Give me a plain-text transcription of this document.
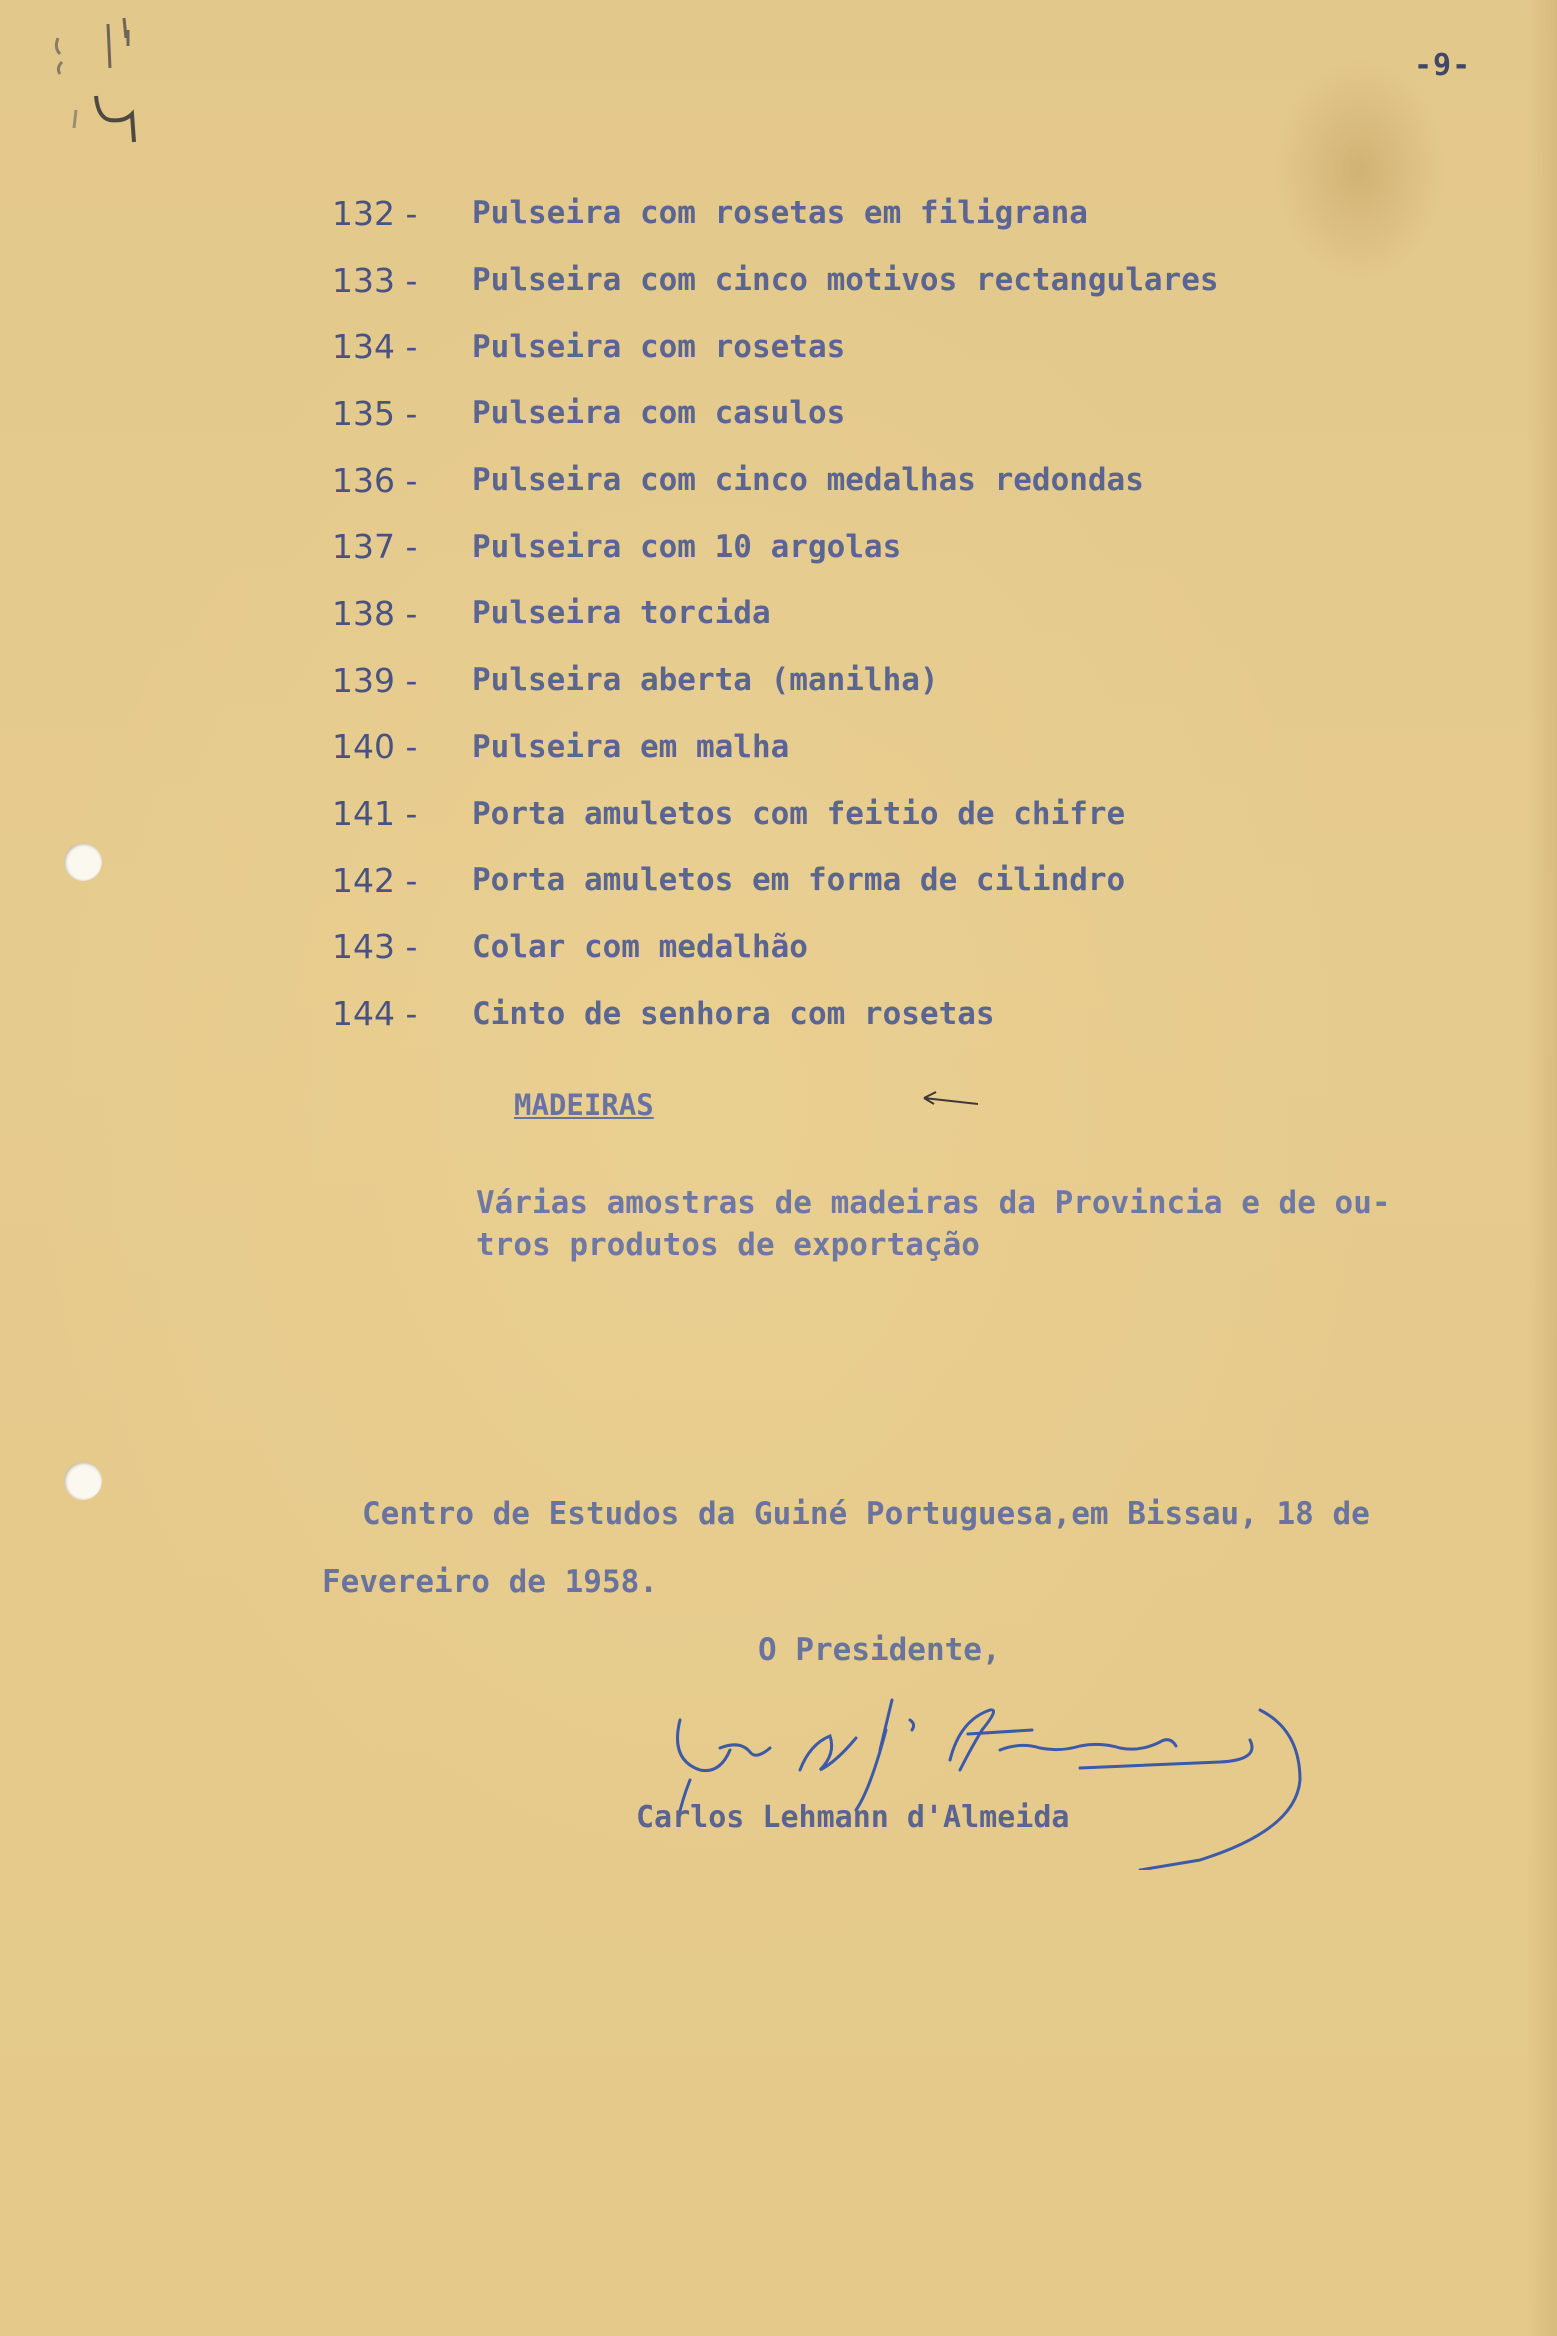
-9-
132 -	Pulseira com rosetas em filigrana
133 -	Pulseira com cinco motivos rectangulares
134 -	Pulseira com rosetas
135 -	Pulseira com casulos
136 -	Pulseira com cinco medalhas redondas
137 -	Pulseira com 10 argolas
138 -	Pulseira torcida
139 -	Pulseira aberta (manilha)
140 -	Pulseira em malha
141 -	Porta amuletos com feitio de chifre
142 -	Porta amuletos em forma de cilindro
143 -	Colar com medalhão
144 -	Cinto de senhora com rosetas
MADEIRAS
Várias amostras de madeiras da Provincia e de ou-
tros produtos de exportação
Centro de Estudos da Guiné Portuguesa,em Bissau, 18 de
Fevereiro de 1958.
O Presidente,
Carlos Lehmann d'Almeida
